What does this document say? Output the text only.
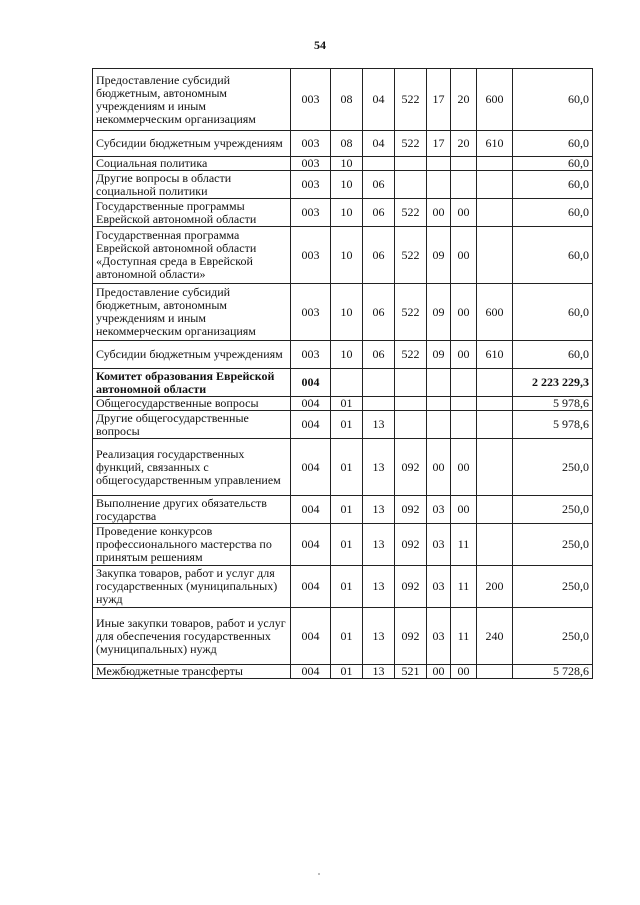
54
Предоставление субсидий бюджетным, автономным учреждениям и иным некоммерческим организациям	003	08	04	522	17	20	600	60,0
Субсидии бюджетным учреждениям	003	08	04	522	17	20	610	60,0
Социальная политика	003	10						60,0
Другие вопросы в области социальной политики	003	10	06					60,0
Государственные программы Еврейской автономной области	003	10	06	522	00	00		60,0
Государственная программа Еврейской автономной области «Доступная среда в Еврейской автономной области»	003	10	06	522	09	00		60,0
Предоставление субсидий бюджетным, автономным учреждениям и иным некоммерческим организациям	003	10	06	522	09	00	600	60,0
Субсидии бюджетным учреждениям	003	10	06	522	09	00	610	60,0
Комитет образования Еврейской автономной области	004							2 223 229,3
Общегосударственные вопросы	004	01						5 978,6
Другие общегосударственные вопросы	004	01	13					5 978,6
Реализация государственных функций, связанных с общегосударственным управлением	004	01	13	092	00	00		250,0
Выполнение других обязательств государства	004	01	13	092	03	00		250,0
Проведение конкурсов профессионального мастерства по принятым решениям	004	01	13	092	03	11		250,0
Закупка товаров, работ и услуг для государственных (муниципальных) нужд	004	01	13	092	03	11	200	250,0
Иные закупки товаров, работ и услуг для обеспечения государственных (муниципальных) нужд	004	01	13	092	03	11	240	250,0
Межбюджетные трансферты	004	01	13	521	00	00		5 728,6
